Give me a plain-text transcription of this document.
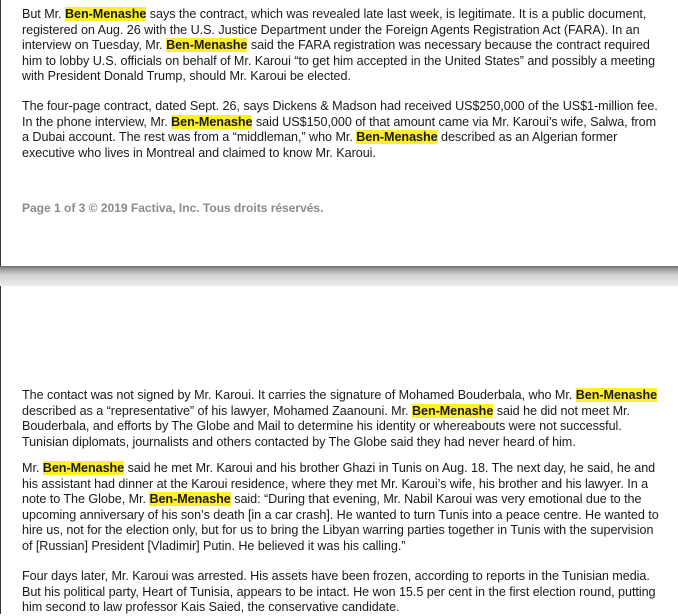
But Mr. Ben-Menashe says the contract, which was revealed late last week, is legitimate. It is a public document, registered on Aug. 26 with the U.S. Justice Department under the Foreign Agents Registration Act (FARA). In an interview on Tuesday, Mr. Ben-Menashe said the FARA registration was necessary because the contract required him to lobby U.S. officials on behalf of Mr. Karoui “to get him accepted in the United States” and possibly a meeting with President Donald Trump, should Mr. Karoui be elected.

The four-page contract, dated Sept. 26, says Dickens & Madson had received US$250,000 of the US$1-million fee. In the phone interview, Mr. Ben-Menashe said US$150,000 of that amount came via Mr. Karoui’s wife, Salwa, from a Dubai account. The rest was from a “middleman,” who Mr. Ben-Menashe described as an Algerian former executive who lives in Montreal and claimed to know Mr. Karoui.

Page 1 of 3 © 2019 Factiva, Inc. Tous droits réservés.

The contact was not signed by Mr. Karoui. It carries the signature of Mohamed Bouderbala, who Mr. Ben-Menashe described as a “representative” of his lawyer, Mohamed Zaanouni. Mr. Ben-Menashe said he did not meet Mr. Bouderbala, and efforts by The Globe and Mail to determine his identity or whereabouts were not successful. Tunisian diplomats, journalists and others contacted by The Globe said they had never heard of him.

Mr. Ben-Menashe said he met Mr. Karoui and his brother Ghazi in Tunis on Aug. 18. The next day, he said, he and his assistant had dinner at the Karoui residence, where they met Mr. Karoui’s wife, his brother and his lawyer. In a note to The Globe, Mr. Ben-Menashe said: “During that evening, Mr. Nabil Karoui was very emotional due to the upcoming anniversary of his son’s death [in a car crash]. He wanted to turn Tunis into a peace centre. He wanted to hire us, not for the election only, but for us to bring the Libyan warring parties together in Tunis with the supervision of [Russian] President [Vladimir] Putin. He believed it was his calling.”

Four days later, Mr. Karoui was arrested. His assets have been frozen, according to reports in the Tunisian media. But his political party, Heart of Tunisia, appears to be intact. He won 15.5 per cent in the first election round, putting him second to law professor Kais Saied, the conservative candidate.
